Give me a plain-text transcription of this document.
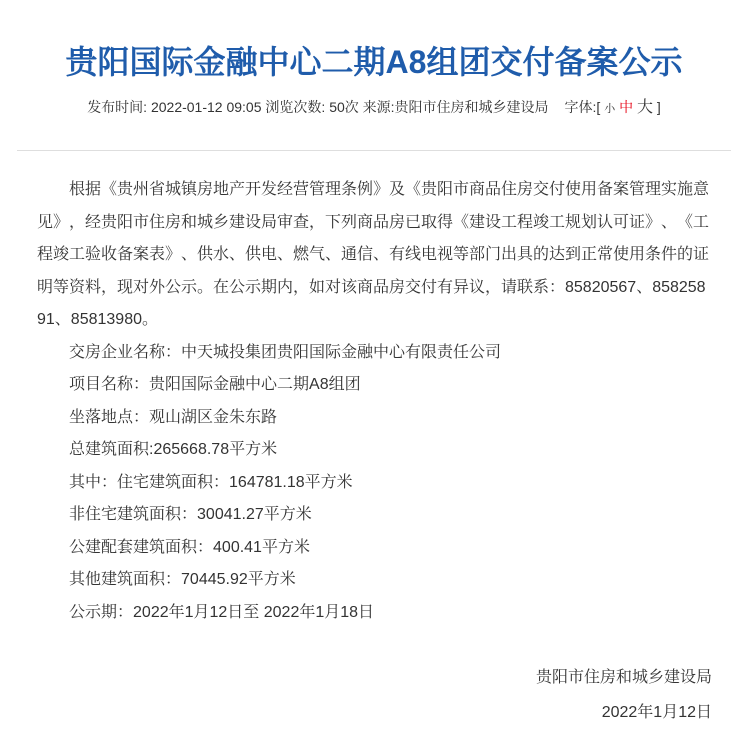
贵阳国际金融中心二期A8组团交付备案公示
发布时间: 2022-01-12 09:05 浏览次数: 50次 来源:贵阳市住房和城乡建设局 字体:[ 小 中 大 ]

根据《贵州省城镇房地产开发经营管理条例》及《贵阳市商品住房交付使用备案管理实施意见》，经贵阳市住房和城乡建设局审查，下列商品房已取得《建设工程竣工规划认可证》、《工程竣工验收备案表》、供水、供电、燃气、通信、有线电视等部门出具的达到正常使用条件的证明等资料，现对外公示。在公示期内，如对该商品房交付有异议，请联系：85820567、85825891、85813980。

交房企业名称：中天城投集团贵阳国际金融中心有限责任公司

项目名称：贵阳国际金融中心二期A8组团

坐落地点：观山湖区金朱东路

总建筑面积:265668.78平方米

其中：住宅建筑面积：164781.18平方米

非住宅建筑面积：30041.27平方米

公建配套建筑面积：400.41平方米

其他建筑面积：70445.92平方米

公示期：2022年1月12日至 2022年1月18日

贵阳市住房和城乡建设局

2022年1月12日
